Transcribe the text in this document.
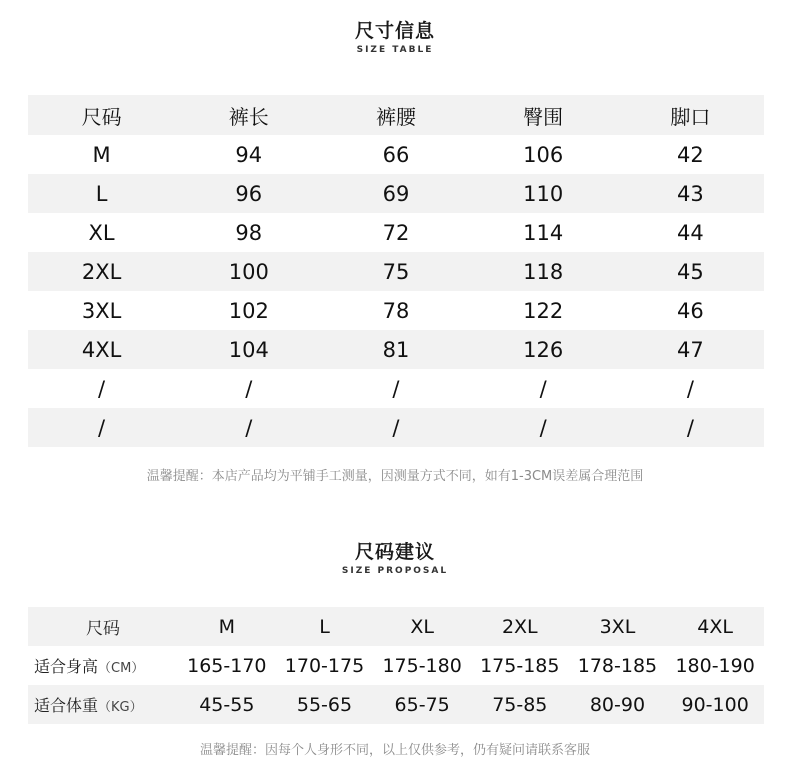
尺寸信息
SIZE TABLE
尺码	裤长	裤腰	臀围	脚口
M	94	66	106	42
L	96	69	110	43
XL	98	72	114	44
2XL	100	75	118	45
3XL	102	78	122	46
4XL	104	81	126	47
/	/	/	/	/
/	/	/	/	/
温馨提醒：本店产品均为平铺手工测量，因测量方式不同，如有1-3CM误差属合理范围
尺码建议
SIZE PROPOSAL
尺码	M	L	XL	2XL	3XL	4XL
适合身高（CM）	165-170	170-175	175-180	175-185	178-185	180-190
适合体重（KG）	45-55	55-65	65-75	75-85	80-90	90-100
温馨提醒：因每个人身形不同，以上仅供参考，仍有疑问请联系客服
